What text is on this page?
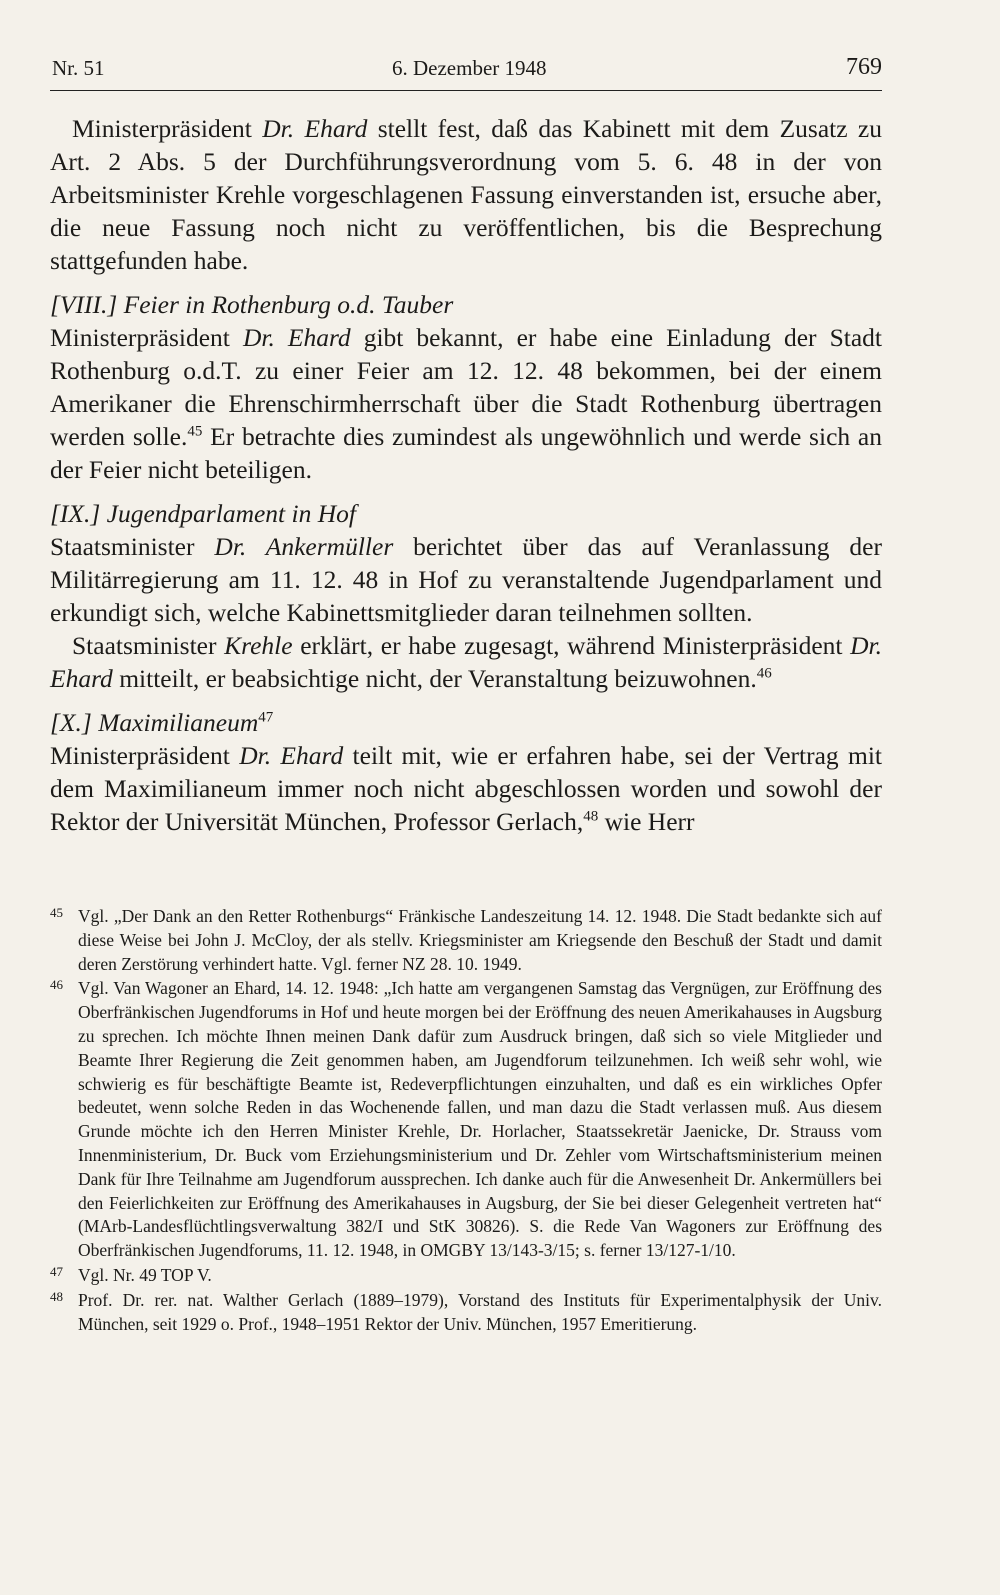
Nr. 51	6. Dezember 1948	769

Ministerpräsident Dr. Ehard stellt fest, daß das Kabinett mit dem Zusatz zu Art. 2 Abs. 5 der Durchführungsverordnung vom 5. 6. 48 in der von Arbeitsminister Krehle vorgeschlagenen Fassung einverstanden ist, ersuche aber, die neue Fassung noch nicht zu veröffentlichen, bis die Besprechung stattgefunden habe.

[VIII.] Feier in Rothenburg o.d. Tauber

Ministerpräsident Dr. Ehard gibt bekannt, er habe eine Einladung der Stadt Rothenburg o.d.T. zu einer Feier am 12. 12. 48 bekommen, bei der einem Amerikaner die Ehrenschirmherrschaft über die Stadt Rothenburg übertragen werden solle.$^{45}$ Er betrachte dies zumindest als ungewöhnlich und werde sich an der Feier nicht beteiligen.

[IX.] Jugendparlament in Hof

Staatsminister Dr. Ankermüller berichtet über das auf Veranlassung der Militärregierung am 11. 12. 48 in Hof zu veranstaltende Jugendparlament und erkundigt sich, welche Kabinettsmitglieder daran teilnehmen sollten.

Staatsminister Krehle erklärt, er habe zugesagt, während Ministerpräsident Dr. Ehard mitteilt, er beabsichtige nicht, der Veranstaltung beizuwohnen.$^{46}$

[X.] Maximilianeum$^{47}$

Ministerpräsident Dr. Ehard teilt mit, wie er erfahren habe, sei der Vertrag mit dem Maximilianeum immer noch nicht abgeschlossen worden und sowohl der Rektor der Universität München, Professor Gerlach,$^{48}$ wie Herr

45 Vgl. „Der Dank an den Retter Rothenburgs“ Fränkische Landeszeitung 14. 12. 1948. Die Stadt bedankte sich auf diese Weise bei John J. McCloy, der als stellv. Kriegsminister am Kriegsende den Beschuß der Stadt und damit deren Zerstörung verhindert hatte. Vgl. ferner NZ 28. 10. 1949.
46 Vgl. Van Wagoner an Ehard, 14. 12. 1948: „Ich hatte am vergangenen Samstag das Vergnügen, zur Eröffnung des Oberfränkischen Jugendforums in Hof und heute morgen bei der Eröffnung des neuen Amerikahauses in Augsburg zu sprechen. Ich möchte Ihnen meinen Dank dafür zum Ausdruck bringen, daß sich so viele Mitglieder und Beamte Ihrer Regierung die Zeit genommen haben, am Jugendforum teilzunehmen. Ich weiß sehr wohl, wie schwierig es für beschäftigte Beamte ist, Redeverpflichtungen einzuhalten, und daß es ein wirkliches Opfer bedeutet, wenn solche Reden in das Wochenende fallen, und man dazu die Stadt verlassen muß. Aus diesem Grunde möchte ich den Herren Minister Krehle, Dr. Horlacher, Staatssekretär Jaenicke, Dr. Strauss vom Innenministerium, Dr. Buck vom Erziehungsministerium und Dr. Zehler vom Wirtschaftsministerium meinen Dank für Ihre Teilnahme am Jugendforum aussprechen. Ich danke auch für die Anwesenheit Dr. Ankermüllers bei den Feierlichkeiten zur Eröffnung des Amerikahauses in Augsburg, der Sie bei dieser Gelegenheit vertreten hat“ (MArb-Landesflüchtlingsverwaltung 382/I und StK 30826). S. die Rede Van Wagoners zur Eröffnung des Oberfränkischen Jugendforums, 11. 12. 1948, in OMGBY 13/143-3/15; s. ferner 13/127-1/10.
47 Vgl. Nr. 49 TOP V.
48 Prof. Dr. rer. nat. Walther Gerlach (1889–1979), Vorstand des Instituts für Experimentalphysik der Univ. München, seit 1929 o. Prof., 1948–1951 Rektor der Univ. München, 1957 Emeritierung.
